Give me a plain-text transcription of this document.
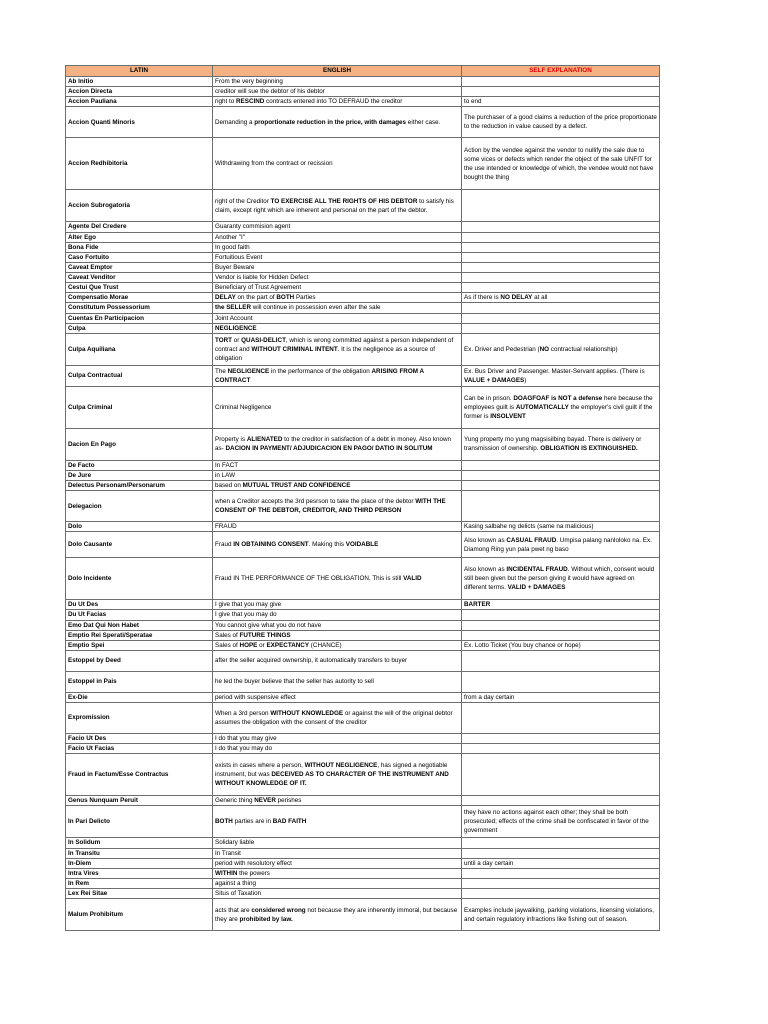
LATIN	ENGLISH	SELF EXPLANATION
Ab Initio	From the very beginning	
Accion Directa	creditor will sue the debtor of his debtor	
Accion Pauliana	right to RESCIND contracts entered into TO DEFRAUD the creditor	to end
Accion Quanti Minoris	Demanding a proportionate reduction in the price, with damages either case.	The purchaser of a good claims a reduction of the price proportionate to the reduction in value caused by a defect.
Accion Redhibitoria	Withdrawing from the contract or recission	Action by the vendee against the vendor to nullify the sale due to some vices or defects which render the object of the sale UNFIT for the use intended or knowledge of which, the vendee would not have bought the thing
Accion Subrogatoria	right of the Creditor TO EXERCISE ALL THE RIGHTS OF HIS DEBTOR to satisfy his claim, except right which are inherent and personal on the part of the debtor.	
Agente Del Credere	Guaranty commision agent	
Alter Ego	Another "I"	
Bona Fide	In good faith	
Caso Fortuito	Fortuitious Event	
Caveat Emptor	Buyer Beware	
Caveat Venditor	Vendor is liable for Hidden Defect	
Cestui Que Trust	Beneficiary of Trust Agreement	
Compensatio Morae	DELAY on the part of BOTH Parties	As if there is NO DELAY at all
Constitutum Possessorium	the SELLER will continue in possession even after the sale	
Cuentas En Participacion	Joint Account	
Culpa	NEGLIGENCE	
Culpa Aquiliana	TORT or QUASI-DELICT, which is wrong committed against a person independent of contract and WITHOUT CRIMINAL INTENT. It is the negligence as a source of obligation	Ex. Driver and Pedestrian (NO contractual relationship)
Culpa Contractual	The NEGLIGENCE in the performance of the obligation ARISING FROM A CONTRACT	Ex. Bus Driver and Passenger. Master-Servant applies. (There is VALUE + DAMAGES)
Culpa Criminal	Criminal Negligence	Can be in prison. DOAGFOAF is NOT a defense here because the employees guilt is AUTOMATICALLY the employer's civil guilt if the former is INSOLVENT
Dacion En Pago	Property is ALIENATED to the creditor in satisfaction of a debt in money. Also known as- DACION IN PAYMENT/ ADJUDICACION EN PAGO/ DATIO IN SOLITUM	Yung property mo yung magsisilbing bayad. There is delivery or transmission of ownership. OBLIGATION IS EXTINGUISHED.
De Facto	In FACT	
De Jure	in LAW	
Delectus Personam/Personarum	based on MUTUAL TRUST AND CONFIDENCE	
Delegacion	when a Creditor accepts the 3rd pesrson to take the place of the debtor WITH THE CONSENT OF THE DEBTOR, CREDITOR, AND THIRD PERSON	
Dolo	FRAUD	Kasing salbahe ng delicts (same na malicious)
Dolo Causante	Fraud IN OBTAINING CONSENT. Making this VOIDABLE	Also known as CASUAL FRAUD. Umpisa palang nanloloko na. Ex. Diamong Ring yun pala pwet ng baso
Dolo Incidente	Fraud IN THE PERFORMANCE OF THE OBLIGATION. This is still VALID	Also known as INCIDENTAL FRAUD. Without which, consent would still been given but the person giving it would have agreed on different terms. VALID + DAMAGES
Du Ut Des	I give that you may give	BARTER
Du Ut Facias	I give that you may do	
Emo Dat Qui Non Habet	You cannot give what you do not have	
Emptio Rei Sperati/Speratae	Sales of FUTURE THINGS	
Emptio Spei	Sales of HOPE or EXPECTANCY (CHANCE)	Ex. Lotto Ticket (You buy chance or hope)
Estoppel by Deed	after the seller acquired ownership, it automatically transfers to buyer	
Estoppel in Pais	he led the buyer believe that the seller has autority to sell	
Ex-Die	period with suspensive effect	from a day certain
Expromission	When a 3rd person WITHOUT KNOWLEDGE or against the will of the original debtor assumes the obligation with the consent of the creditor	
Facio Ut Des	I do that you may give	
Facio Ut Facias	I do that you may do	
Fraud in Factum/Esse Contractus	exists in cases where a person, WITHOUT NEGLIGENCE, has signed a negotiable instrument, but was DECEIVED AS TO CHARACTER OF THE INSTRUMENT AND WITHOUT KNOWLEDGE OF IT.	
Genus Nunquam Peruit	Generic thing NEVER perishes	
In Pari Delicto	BOTH parties are in BAD FAITH	they have no actions against each other; they shall be both prosecuted; effects of the crime shall be confiscated in favor of the government
In Solidum	Solidary liable	
In Transitu	In Transit	
In-Diem	period with resolutory effect	until a day certain
Intra Vires	WITHIN the powers	
In Rem	against a thing	
Lex Rei Sitae	Situs of Taxation	
Malum Prohibitum	acts that are considered wrong not because they are inherently immoral, but because they are prohibited by law.	Examples include jaywalking, parking violations, licensing violations, and certain regulatory infractions like fishing out of season.
